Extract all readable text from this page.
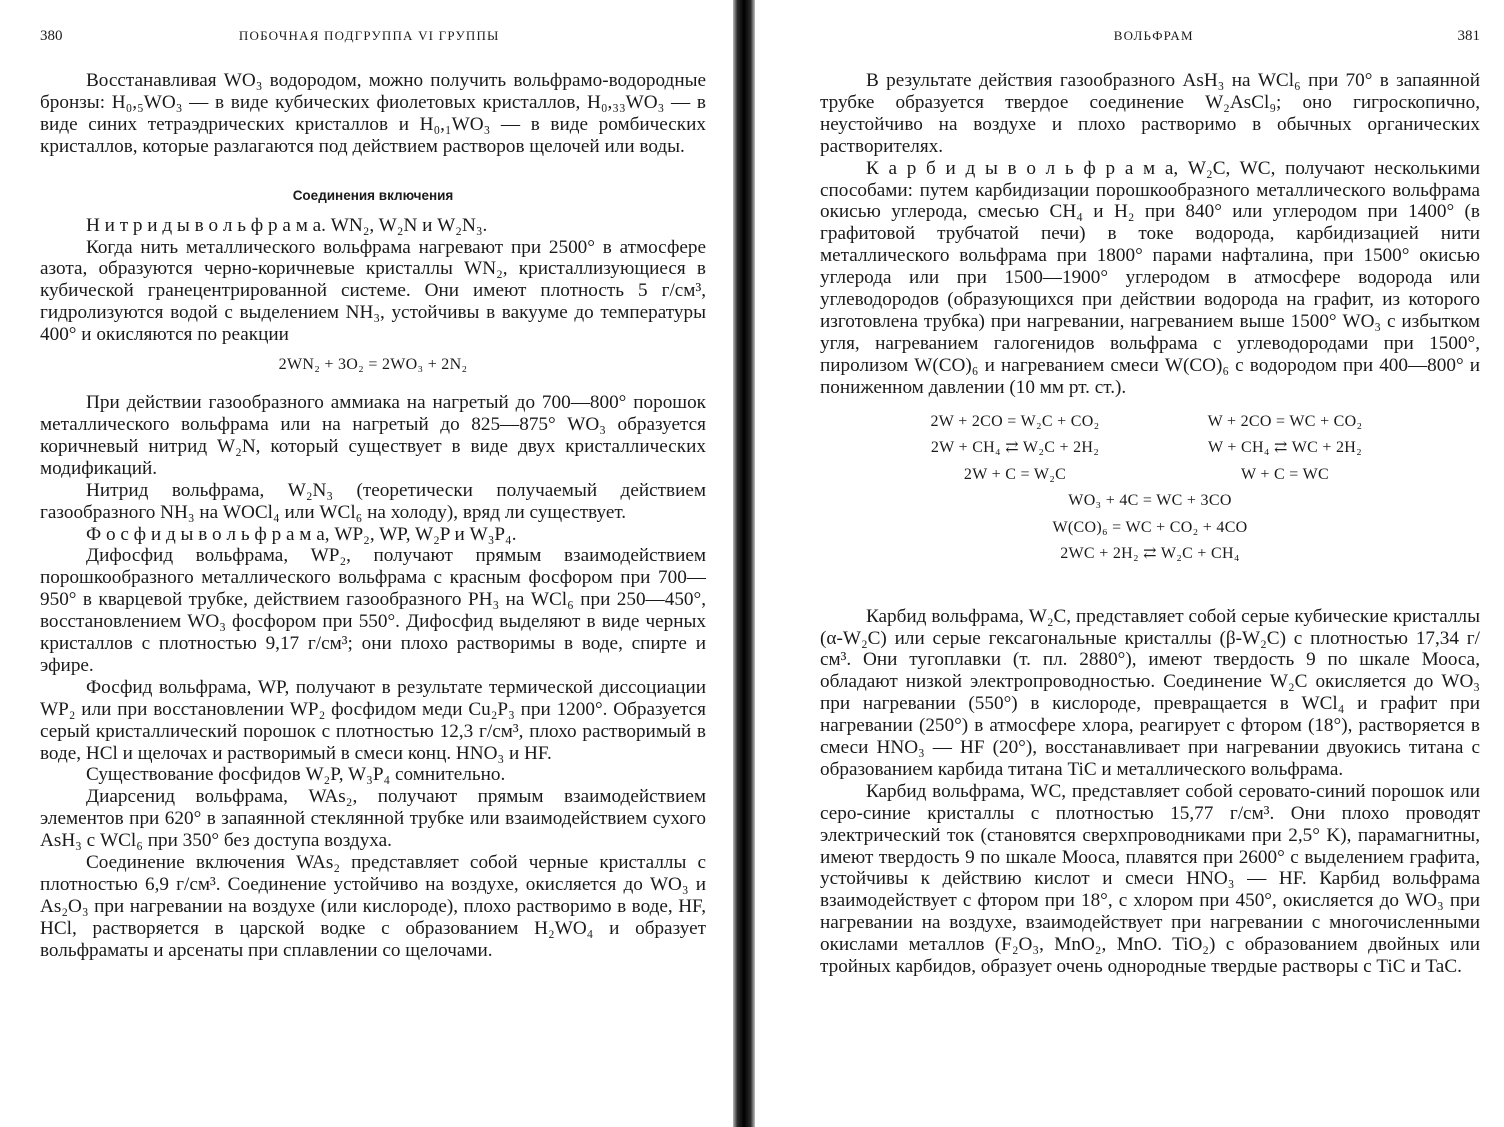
380	ПОБОЧНАЯ ПОДГРУППА VI ГРУППЫ

Восстанавливая WO₃ водородом, можно получить вольфрамо-водородные бронзы: H₀,₅WO₃ — в виде кубических фиолетовых кристаллов, H₀,₃₃WO₃ — в виде синих тетраэдрических кристаллов и H₀,₁WO₃ — в виде ромбических кристаллов, которые разлагаются под действием растворов щелочей или воды.

Соединения включения

Н и т р и д ы в о л ь ф р а м а. WN₂, W₂N и W₂N₃.

Когда нить металлического вольфрама нагревают при 2500° в атмосфере азота, образуются черно-коричневые кристаллы WN₂, кристаллизующиеся в кубической гранецентрированной системе. Они имеют плотность 5 г/см³, гидролизуются водой с выделением NH₃, устойчивы в вакууме до температуры 400° и окисляются по реакции

2WN₂ + 3O₂ = 2WO₃ + 2N₂

При действии газообразного аммиака на нагретый до 700—800° порошок металлического вольфрама или на нагретый до 825—875° WO₃ образуется коричневый нитрид W₂N, который существует в виде двух кристаллических модификаций.

Нитрид вольфрама, W₂N₃ (теоретически получаемый действием газообразного NH₃ на WOCl₄ или WCl₆ на холоду), вряд ли существует.

Ф о с ф и д ы в о л ь ф р а м а, WP₂, WP, W₂P и W₃P₄.

Дифосфид вольфрама, WP₂, получают прямым взаимодействием порошкообразного металлического вольфрама с красным фосфором при 700—950° в кварцевой трубке, действием газообразного PH₃ на WCl₆ при 250—450°, восстановлением WO₃ фосфором при 550°. Дифосфид выделяют в виде черных кристаллов с плотностью 9,17 г/см³; они плохо растворимы в воде, спирте и эфире.

Фосфид вольфрама, WP, получают в результате термической диссоциации WP₂ или при восстановлении WP₂ фосфидом меди Cu₂P₃ при 1200°. Образуется серый кристаллический порошок с плотностью 12,3 г/см³, плохо растворимый в воде, HCl и щелочах и растворимый в смеси конц. HNO₃ и HF.

Существование фосфидов W₂P, W₃P₄ сомнительно.

Диарсенид вольфрама, WAs₂, получают прямым взаимодействием элементов при 620° в запаянной стеклянной трубке или взаимодействием сухого AsH₃ с WCl₆ при 350° без доступа воздуха.

Соединение включения WAs₂ представляет собой черные кристаллы с плотностью 6,9 г/см³. Соединение устойчиво на воздухе, окисляется до WO₃ и As₂O₃ при нагревании на воздухе (или кислороде), плохо растворимо в воде, HF, HCl, растворяется в царской водке с образованием H₂WO₄ и образует вольфраматы и арсенаты при сплавлении со щелочами.

ВОЛЬФРАМ	381

В результате действия газообразного AsH₃ на WCl₆ при 70° в запаянной трубке образуется твердое соединение W₂AsCl₉; оно гигроскопично, неустойчиво на воздухе и плохо растворимо в обычных органических растворителях.

К а р б и д ы в о л ь ф р а м а, W₂C, WC, получают несколькими способами: путем карбидизации порошкообразного металлического вольфрама окисью углерода, смесью CH₄ и H₂ при 840° или углеродом при 1400° (в графитовой трубчатой печи) в токе водорода, карбидизацией нити металлического вольфрама при 1800° парами нафталина, при 1500° окисью углерода или при 1500—1900° углеродом в атмосфере водорода или углеводородов (образующихся при действии водорода на графит, из которого изготовлена трубка) при нагревании, нагреванием выше 1500° WO₃ с избытком угля, нагреванием галогенидов вольфрама с углеводородами при 1500°, пиролизом W(CO)₆ и нагреванием смеси W(CO)₆ с водородом при 400—800° и пониженном давлении (10 мм рт. ст.).

2W + 2CO = W₂C + CO₂	W + 2CO = WC + CO₂
2W + CH₄ ⇄ W₂C + 2H₂	W + CH₄ ⇄ WC + 2H₂
2W + C = W₂C	W + C = WC
WO₃ + 4C = WC + 3CO
W(CO)₆ = WC + CO₂ + 4CO
2WC + 2H₂ ⇄ W₂C + CH₄

Карбид вольфрама, W₂C, представляет собой серые кубические кристаллы (α-W₂C) или серые гексагональные кристаллы (β-W₂C) с плотностью 17,34 г/см³. Они тугоплавки (т. пл. 2880°), имеют твердость 9 по шкале Мооса, обладают низкой электропроводностью. Соединение W₂C окисляется до WO₃ при нагревании (550°) в кислороде, превращается в WCl₄ и графит при нагревании (250°) в атмосфере хлора, реагирует с фтором (18°), растворяется в смеси HNO₃ — HF (20°), восстанавливает при нагревании двуокись титана с образованием карбида титана TiC и металлического вольфрама.

Карбид вольфрама, WC, представляет собой серовато-синий порошок или серо-синие кристаллы с плотностью 15,77 г/см³. Они плохо проводят электрический ток (становятся сверхпроводниками при 2,5° K), парамагнитны, имеют твердость 9 по шкале Мооса, плавятся при 2600° с выделением графита, устойчивы к действию кислот и смеси HNO₃ — HF. Карбид вольфрама взаимодействует с фтором при 18°, с хлором при 450°, окисляется до WO₃ при нагревании на воздухе, взаимодействует при нагревании с многочисленными окислами металлов (F₂O₃, MnO₂, MnO. TiO₂) с образованием двойных или тройных карбидов, образует очень однородные твердые растворы с TiC и TaC.
